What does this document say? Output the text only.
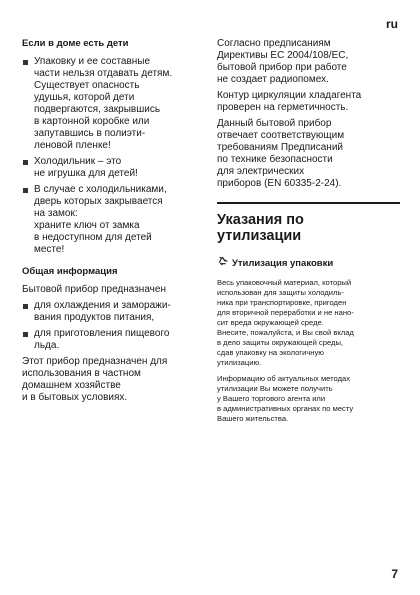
ru
Если в доме есть дети
Упаковку и ее составные
части нельзя отдавать детям.
Существует опасность
удушья, которой дети
подвергаются, закрывшись
в картонной коробке или
запутавшись в полиэти-
леновой пленке!
Холодильник – это
не игрушка для детей!
В случае с холодильниками,
дверь которых закрывается
на замок:
храните ключ от замка
в недоступном для детей
месте!
Общая информация

Бытовой прибор предназначен

для охлаждения и заморажи-
вания продуктов питания,
для приготовления пищевого
льда.

Этот прибор предназначен для
использования в частном
домашнем хозяйстве
и в бытовых условиях.

Согласно предписаниям
Директивы EC 2004/108/EC,
бытовой прибор при работе
не создает радиопомех.

Контур циркуляции хладагента
проверен на герметичность.

Данный бытовой прибор
отвечает соответствующим
требованиям Предписаний
по технике безопасности
для электрических
приборов (EN 60335-2-24).

Указания по
утилизации
Утилизация упаковки

Весь упаковочный материал, который
использован для защиты холодиль-
ника при транспортировке, пригоден
для вторичной переработки и не нано-
сит вреда окружающей среде.
Внесите, пожалуйста, и Вы свой вклад
в дело защиты окружающей среды,
сдав упаковку на экологичную
утилизацию.

Информацию об актуальных методах
утилизации Вы можете получить
у Вашего торгового агента или
в административных органах по месту
Вашего жительства.

7
